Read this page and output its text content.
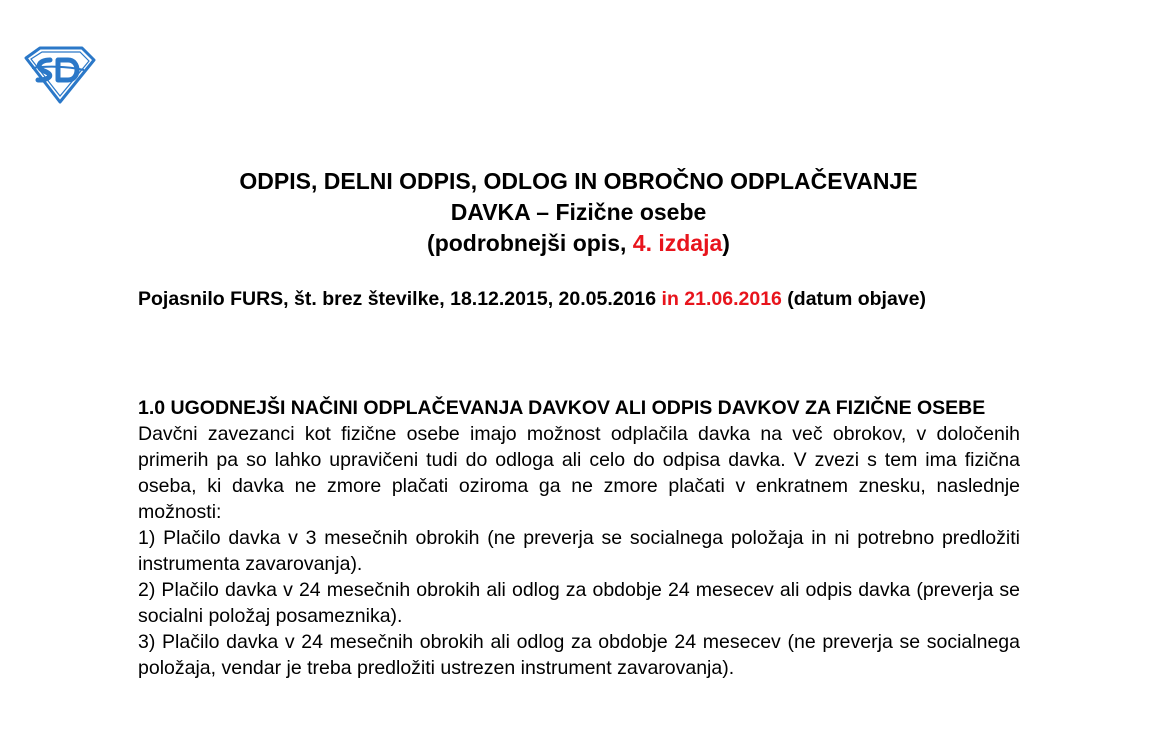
ODPIS, DELNI ODPIS, ODLOG IN OBROČNO ODPLAČEVANJE
DAVKA – Fizične osebe
(podrobnejši opis, 4. izdaja)
Pojasnilo FURS, št. brez številke, 18.12.2015, 20.05.2016 in 21.06.2016 (datum objave)
1.0 UGODNEJŠI NAČINI ODPLAČEVANJA DAVKOV ALI ODPIS DAVKOV ZA FIZIČNE OSEBE

Davčni zavezanci kot fizične osebe imajo možnost odplačila davka na več obrokov, v določenih primerih pa so lahko upravičeni tudi do odloga ali celo do odpisa davka. V zvezi s tem ima fizična oseba, ki davka ne zmore plačati oziroma ga ne zmore plačati v enkratnem znesku, naslednje možnosti:

1) Plačilo davka v 3 mesečnih obrokih (ne preverja se socialnega položaja in ni potrebno predložiti instrumenta zavarovanja).

2) Plačilo davka v 24 mesečnih obrokih ali odlog za obdobje 24 mesecev ali odpis davka (preverja se socialni položaj posameznika).

3) Plačilo davka v 24 mesečnih obrokih ali odlog za obdobje 24 mesecev (ne preverja se socialnega položaja, vendar je treba predložiti ustrezen instrument zavarovanja).
